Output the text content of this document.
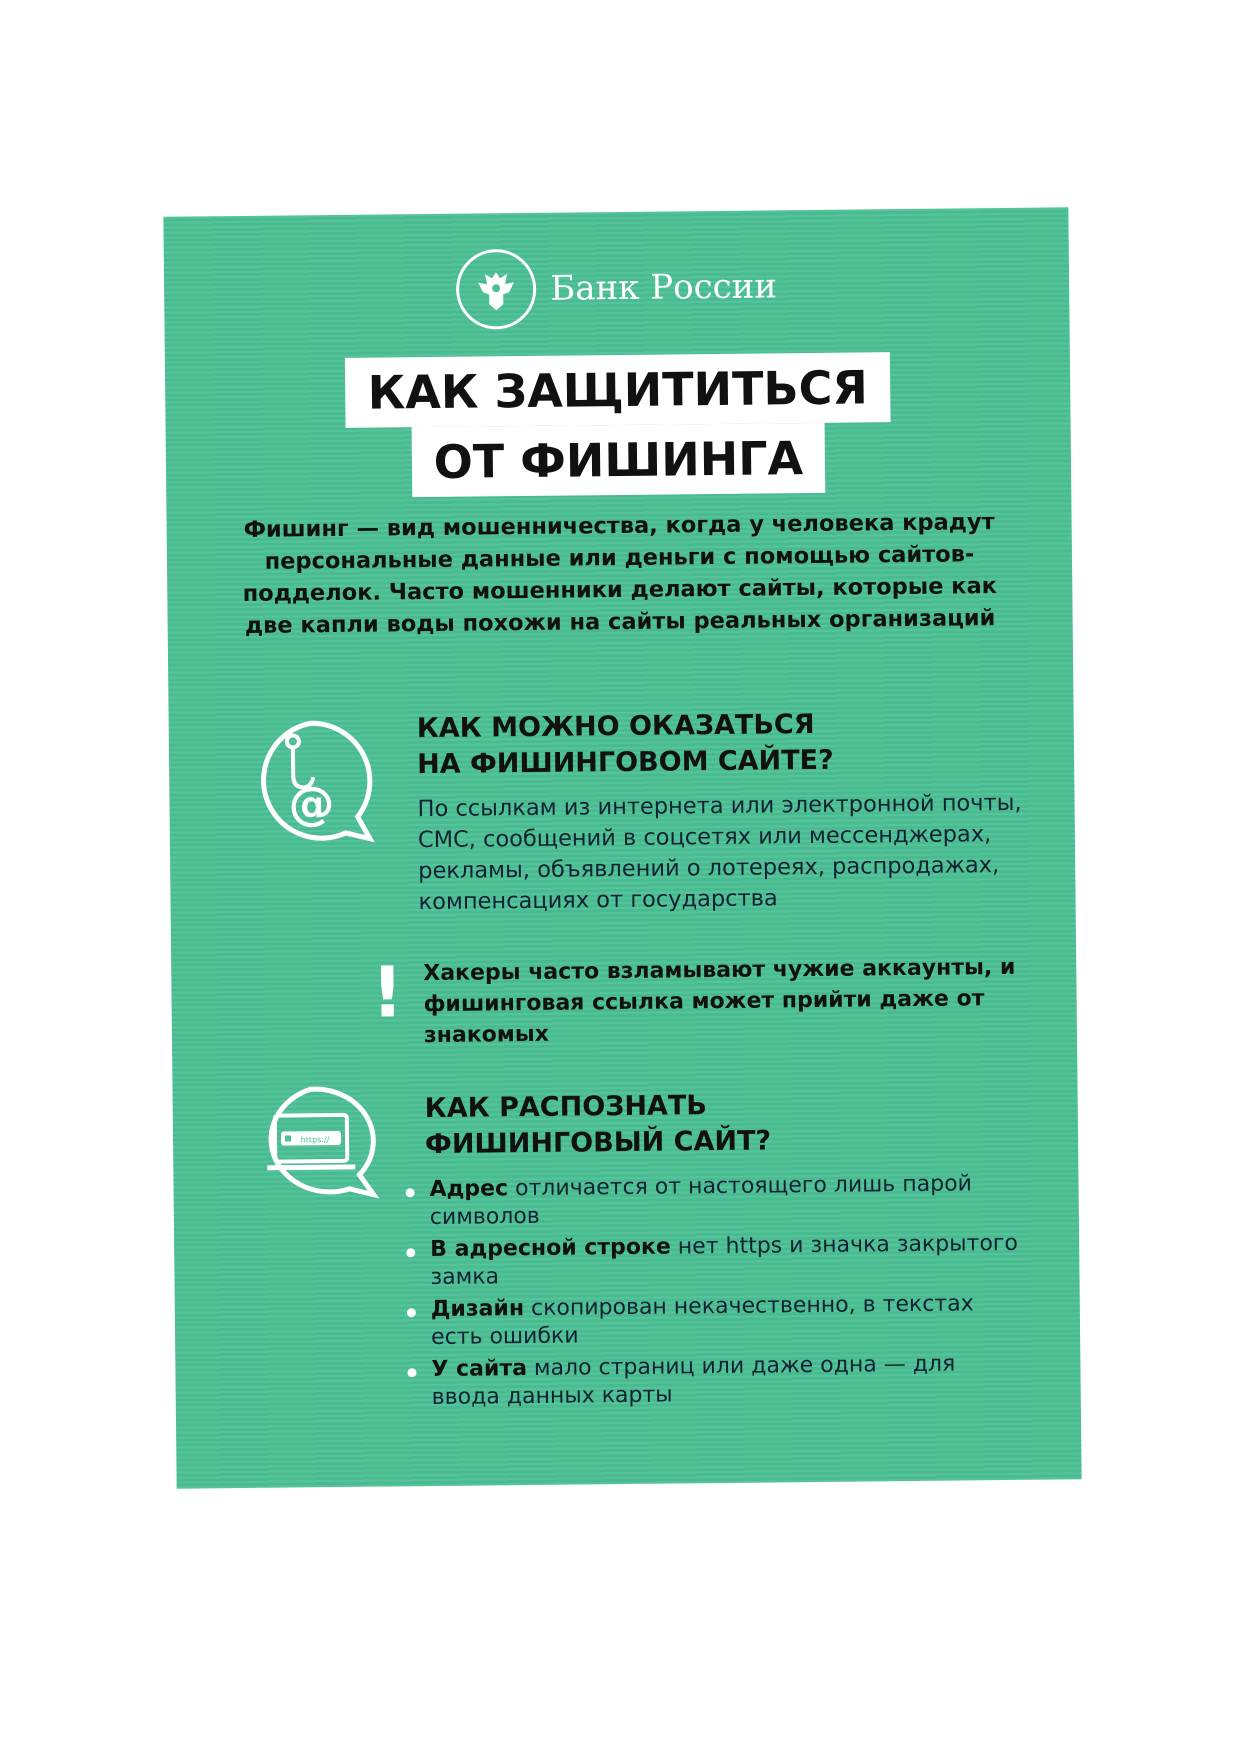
Банк России
КАК ЗАЩИТИТЬСЯ
ОТ ФИШИНГА
Фишинг — вид мошенничества, когда у человека крадут персональные данные или деньги с помощью сайтов-подделок. Часто мошенники делают сайты, которые как две капли воды похожи на сайты реальных организаций
@
КАК МОЖНО ОКАЗАТЬСЯ
НА ФИШИНГОВОМ САЙТЕ?
По ссылкам из интернета или электронной почты, СМС, сообщений в соцсетях или мессенджерах, рекламы, объявлений о лотереях, распродажах, компенсациях от государства
! Хакеры часто взламывают чужие аккаунты, и фишинговая ссылка может прийти даже от знакомых
https://
КАК РАСПОЗНАТЬ
ФИШИНГОВЫЙ САЙТ?
Адрес отличается от настоящего лишь парой символов
В адресной строке нет https и значка закрытого замка
Дизайн скопирован некачественно, в текстах есть ошибки
У сайта мало страниц или даже одна — для ввода данных карты
